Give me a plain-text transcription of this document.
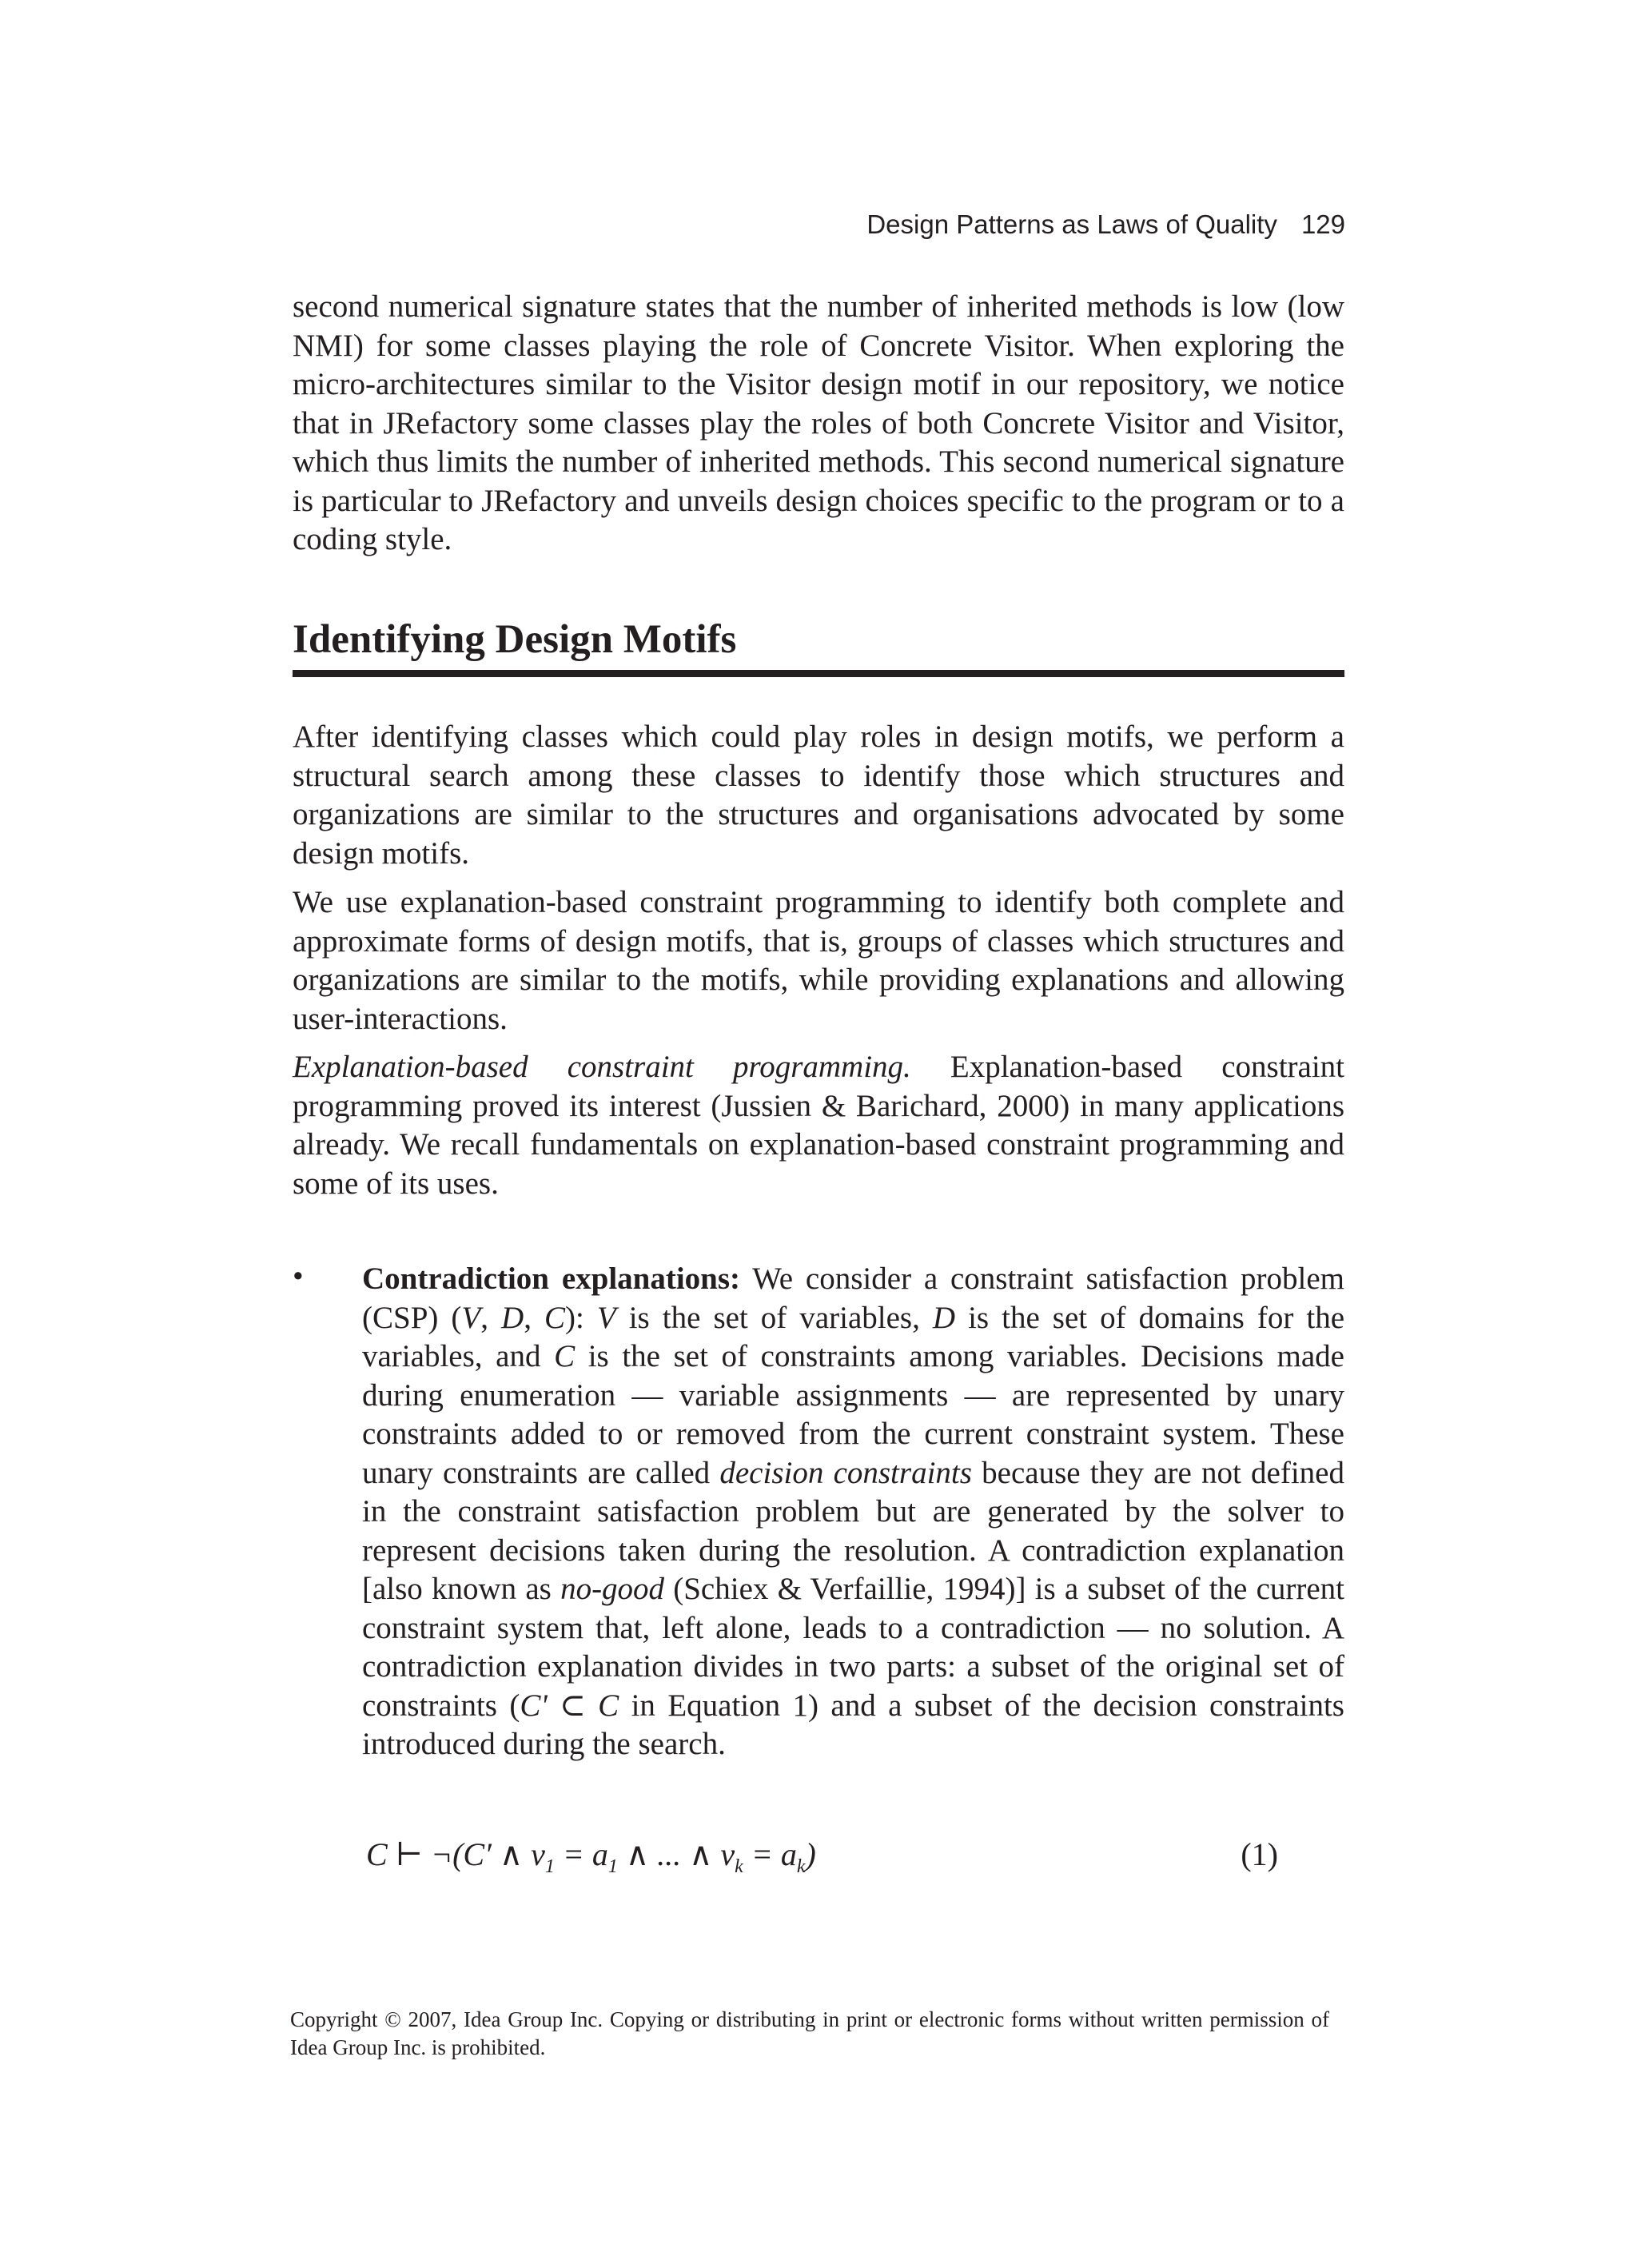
Design Patterns as Laws of Quality 129

second numerical signature states that the number of inherited methods is low (low NMI) for some classes playing the role of Concrete Visitor. When exploring the micro-architectures similar to the Visitor design motif in our repository, we notice that in JRefactory some classes play the roles of both Concrete Visitor and Visitor, which thus limits the number of inherited methods. This second numerical signature is particular to JRefactory and unveils design choices specific to the program or to a coding style.

Identifying Design Motifs

After identifying classes which could play roles in design motifs, we perform a structural search among these classes to identify those which structures and organizations are similar to the structures and organisations advocated by some design motifs.

We use explanation-based constraint programming to identify both complete and approximate forms of design motifs, that is, groups of classes which structures and organizations are similar to the motifs, while providing explanations and allowing user-interactions.

Explanation-based constraint programming. Explanation-based constraint programming proved its interest (Jussien & Barichard, 2000) in many applications already. We recall fundamentals on explanation-based constraint programming and some of its uses.

• Contradiction explanations: We consider a constraint satisfaction problem (CSP) (V, D, C): V is the set of variables, D is the set of domains for the variables, and C is the set of constraints among variables. Decisions made during enumeration — variable assignments — are represented by unary constraints added to or removed from the current constraint system. These unary constraints are called decision constraints because they are not defined in the constraint satisfaction problem but are generated by the solver to represent decisions taken during the resolution. A contradiction explanation [also known as no-good (Schiex & Verfaillie, 1994)] is a subset of the current constraint system that, left alone, leads to a contradiction — no solution. A contradiction explanation divides in two parts: a subset of the original set of constraints (C' ⊂ C in Equation 1) and a subset of the decision constraints introduced during the search.

C ⊢ ¬(C′ ∧ $v_1 = a_1$ ∧ ... ∧ $v_k = a_k$)	(1)

Copyright © 2007, Idea Group Inc. Copying or distributing in print or electronic forms without written permission of Idea Group Inc. is prohibited.
